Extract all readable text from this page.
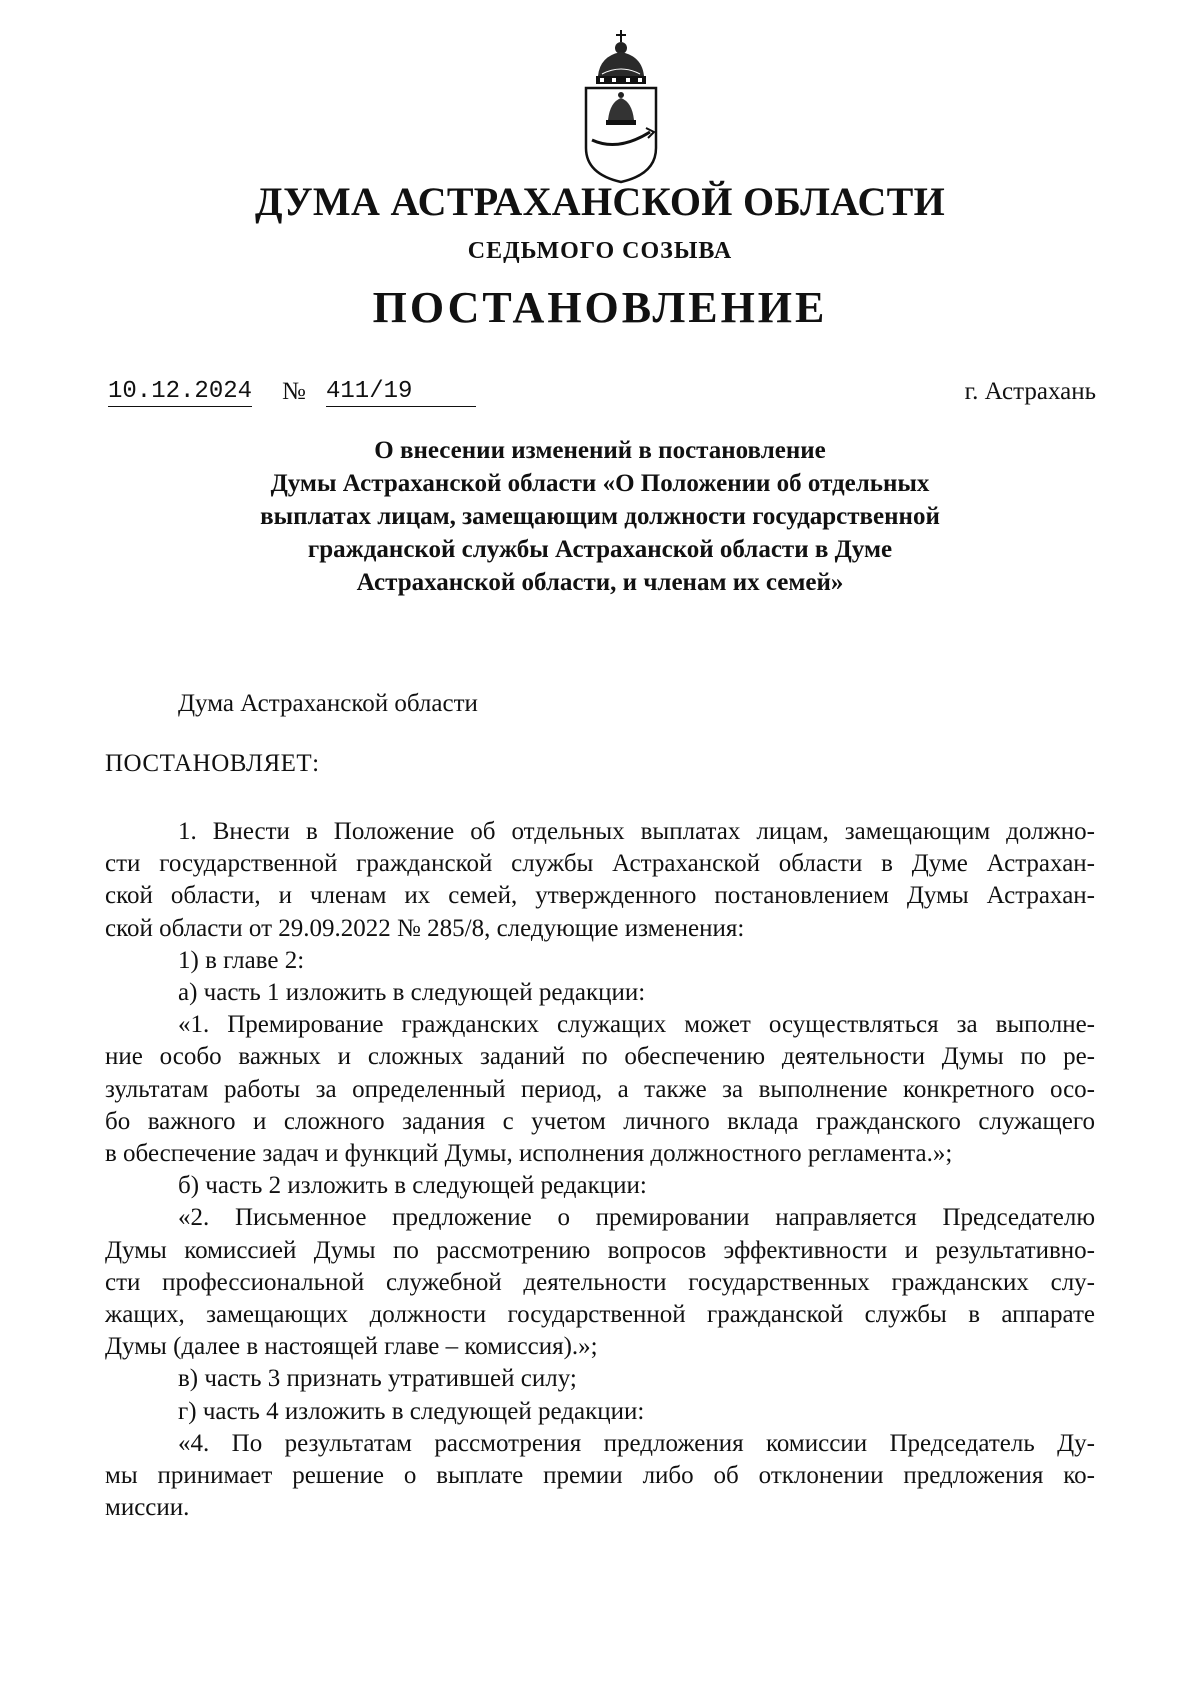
ДУМА АСТРАХАНСКОЙ ОБЛАСТИ
СЕДЬМОГО СОЗЫВА
ПОСТАНОВЛЕНИЕ
10.12.2024 № 411/19	г. Астрахань
О внесении изменений в постановление
Думы Астраханской области «О Положении об отдельных
выплатах лицам, замещающим должности государственной
гражданской службы Астраханской области в Думе
Астраханской области, и членам их семей»
Дума Астраханской области
ПОСТАНОВЛЯЕТ:
1. Внести в Положение об отдельных выплатах лицам, замещающим должно-
сти государственной гражданской службы Астраханской области в Думе Астрахан-
ской области, и членам их семей, утвержденного постановлением Думы Астрахан-
ской области от 29.09.2022 № 285/8, следующие изменения:
1) в главе 2:
а) часть 1 изложить в следующей редакции:
«1. Премирование гражданских служащих может осуществляться за выполне-
ние особо важных и сложных заданий по обеспечению деятельности Думы по ре-
зультатам работы за определенный период, а также за выполнение конкретного осо-
бо важного и сложного задания с учетом личного вклада гражданского служащего
в обеспечение задач и функций Думы, исполнения должностного регламента.»;
б) часть 2 изложить в следующей редакции:
«2. Письменное предложение о премировании направляется Председателю
Думы комиссией Думы по рассмотрению вопросов эффективности и результативно-
сти профессиональной служебной деятельности государственных гражданских слу-
жащих, замещающих должности государственной гражданской службы в аппарате
Думы (далее в настоящей главе – комиссия).»;
в) часть 3 признать утратившей силу;
г) часть 4 изложить в следующей редакции:
«4. По результатам рассмотрения предложения комиссии Председатель Ду-
мы принимает решение о выплате премии либо об отклонении предложения ко-
миссии.
